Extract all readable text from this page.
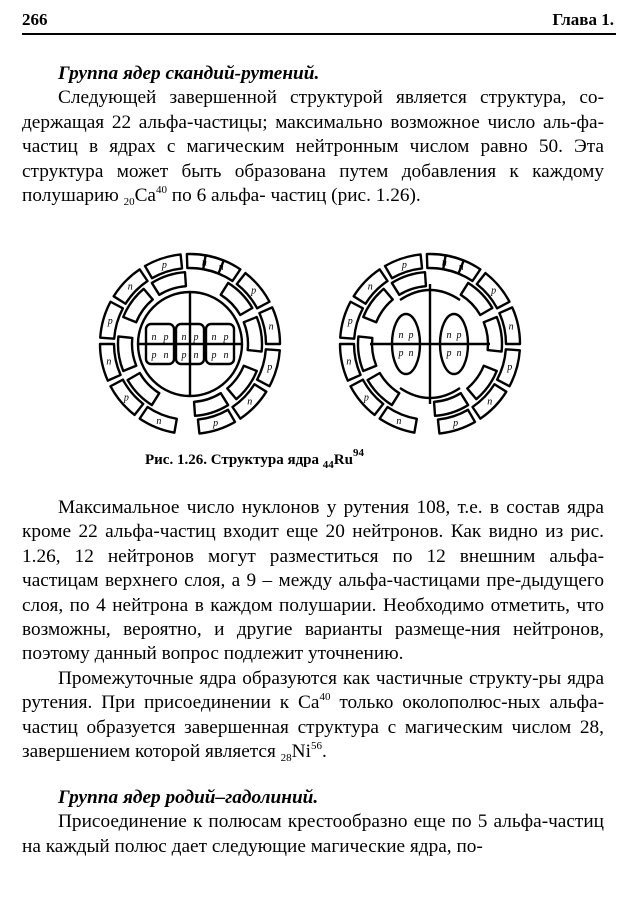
266	Глава 1.
Группа ядер скандий-рутений.
Следующей завершенной структурой является структура, со-держащая 22 альфа-частицы; максимально возможное число аль-фа-частиц в ядрах с магическим нейтронным числом равно 50. Эта структура может быть образована путем добавления к каждому полушарию $_{20}Ca^{40}$ по 6 альфа- частиц (рис. 1.26).
n
p
n
p
n
p
n
p
n
p
n
p	n
n p
p n
n p
p n
n p
p n
n
p
n
p
n
p
n
p
n
p
n
p	n
n p
p n
n p
p n
Рис. 1.26. Структура ядра $_{44}Ru^{94}$
Максимальное число нуклонов у рутения 108, т.е. в состав ядра кроме 22 альфа-частиц входит еще 20 нейтронов. Как видно из рис. 1.26, 12 нейтронов могут разместиться по 12 внешним альфа-частицам верхнего слоя, а 9 – между альфа-частицами пре-дыдущего слоя, по 4 нейтрона в каждом полушарии. Необходимо отметить, что возможны, вероятно, и другие варианты размеще-ния нейтронов, поэтому данный вопрос подлежит уточнению.
Промежуточные ядра образуются как частичные структу-ры ядра рутения. При присоединении к Ca$^{40}$ только околополюс-ных альфа-частиц образуется завершенная структура с магическим числом 28, завершением которой является $_{28}Ni^{56}$.
Группа ядер родий–гадолиний.
Присоединение к полюсам крестообразно еще по 5 альфа-частиц на каждый полюс дает следующие магические ядра, по-
